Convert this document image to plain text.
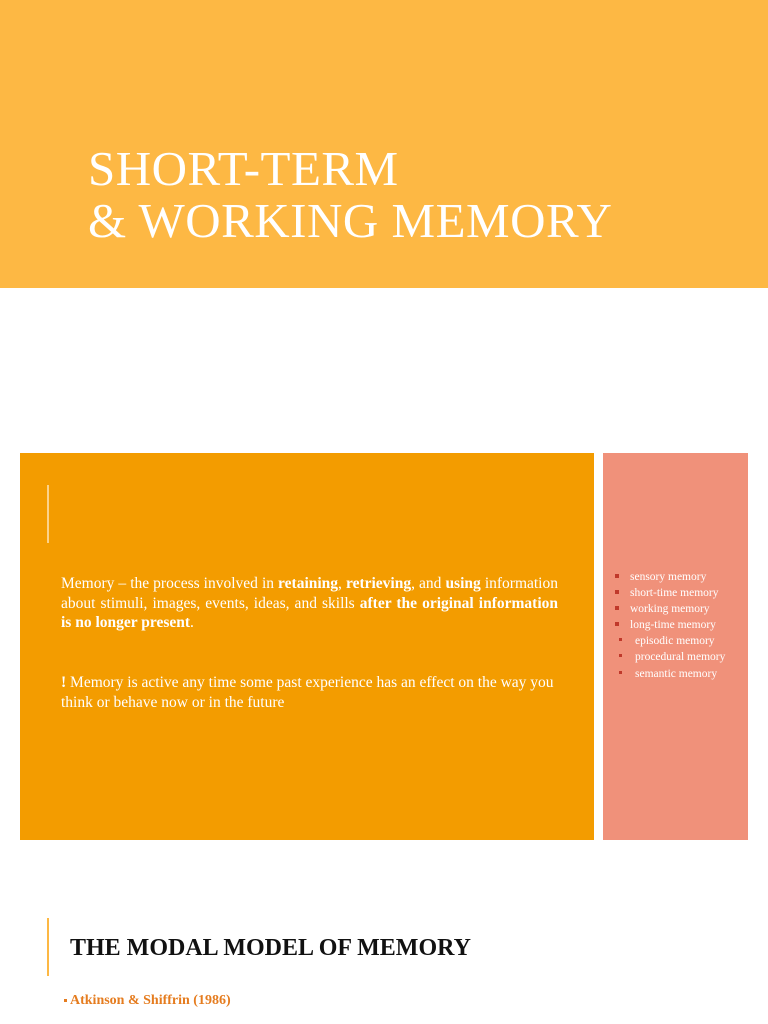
SHORT-TERM
& WORKING MEMORY

Memory – the process involved in retaining, retrieving, and using information about stimuli, images, events, ideas, and skills after the original information is no longer present.

! Memory is active any time some past experience has an effect on the way you think or behave now or in the future

sensory memory
short-time memory
working memory
long-time memory
episodic memory
procedural memory
semantic memory
THE MODAL MODEL OF MEMORY

Atkinson & Shiffrin (1986)
